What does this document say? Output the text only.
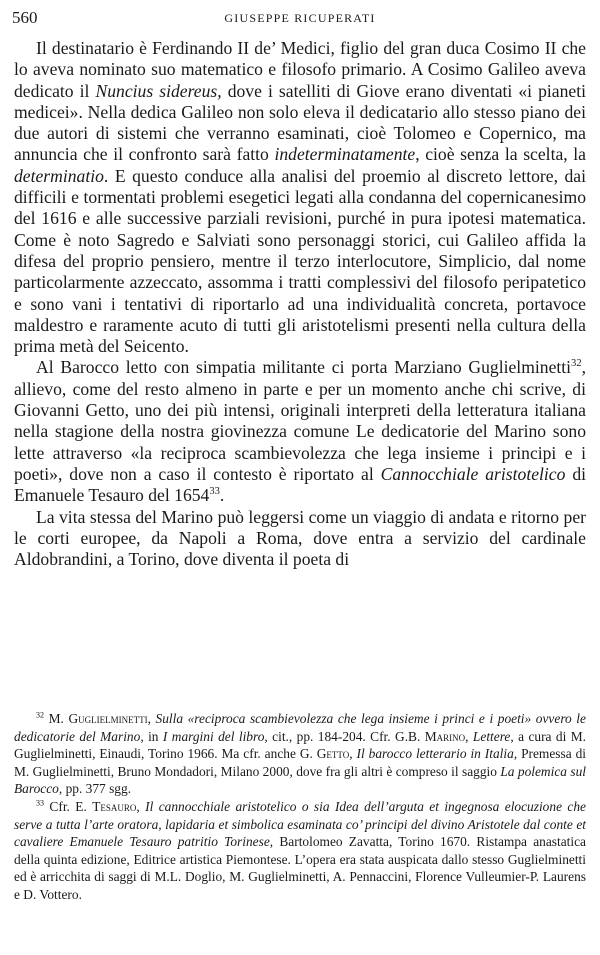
560	GIUSEPPE RICUPERATI

Il destinatario è Ferdinando II de’ Medici, figlio del gran duca Cosimo II che lo aveva nominato suo matematico e filosofo primario. A Cosimo Galileo aveva dedicato il Nuncius sidereus, dove i satelliti di Giove erano diventati «i pianeti medicei». Nella dedica Galileo non solo eleva il dedicatario allo stesso piano dei due autori di sistemi che verranno esaminati, cioè Tolomeo e Copernico, ma annuncia che il confronto sarà fatto indeterminatamente, cioè senza la scelta, la determinatio. E questo conduce alla analisi del proemio al discreto lettore, dai difficili e tormentati problemi esegetici legati alla condanna del copernicanesimo del 1616 e alle successive parziali revisioni, purché in pura ipotesi matematica. Come è noto Sagredo e Salviati sono personaggi storici, cui Galileo affida la difesa del proprio pensiero, mentre il terzo interlocutore, Simplicio, dal nome particolarmente azzeccato, assomma i tratti complessivi del filosofo peripatetico e sono vani i tentativi di riportarlo ad una individualità concreta, portavoce maldestro e raramente acuto di tutti gli aristotelismi presenti nella cultura della prima metà del Seicento.

Al Barocco letto con simpatia militante ci porta Marziano Guglielminetti$^{32}$, allievo, come del resto almeno in parte e per un momento anche chi scrive, di Giovanni Getto, uno dei più intensi, originali interpreti della letteratura italiana nella stagione della nostra giovinezza comune Le dedicatorie del Marino sono lette attraverso «la reciproca scambievolezza che lega insieme i principi e i poeti», dove non a caso il contesto è riportato al Cannocchiale aristotelico di Emanuele Tesauro del 1654$^{33}$.

La vita stessa del Marino può leggersi come un viaggio di andata e ritorno per le corti europee, da Napoli a Roma, dove entra a servizio del cardinale Aldobrandini, a Torino, dove diventa il poeta di

$^{32}$ M. Guglielminetti, Sulla «reciproca scambievolezza che lega insieme i princi e i poeti» ovvero le dedicatorie del Marino, in I margini del libro, cit., pp. 184-204. Cfr. G.B. Marino, Lettere, a cura di M. Guglielminetti, Einaudi, Torino 1966. Ma cfr. anche G. Getto, Il barocco letterario in Italia, Premessa di M. Guglielminetti, Bruno Mondadori, Milano 2000, dove fra gli altri è compreso il saggio La polemica sul Barocco, pp. 377 sgg.

$^{33}$ Cfr. E. Tesauro, Il cannocchiale aristotelico o sia Idea dell’arguta et ingegnosa elocuzione che serve a tutta l’arte oratora, lapidaria et simbolica esaminata co’ principi del divino Aristotele dal conte et cavaliere Emanuele Tesauro patritio Torinese, Bartolomeo Zavatta, Torino 1670. Ristampa anastatica della quinta edizione, Editrice artistica Piemontese. L’opera era stata auspicata dallo stesso Guglielminetti ed è arricchita di saggi di M.L. Doglio, M. Guglielminetti, A. Pennaccini, Florence Vulleumier-P. Laurens e D. Vottero.
